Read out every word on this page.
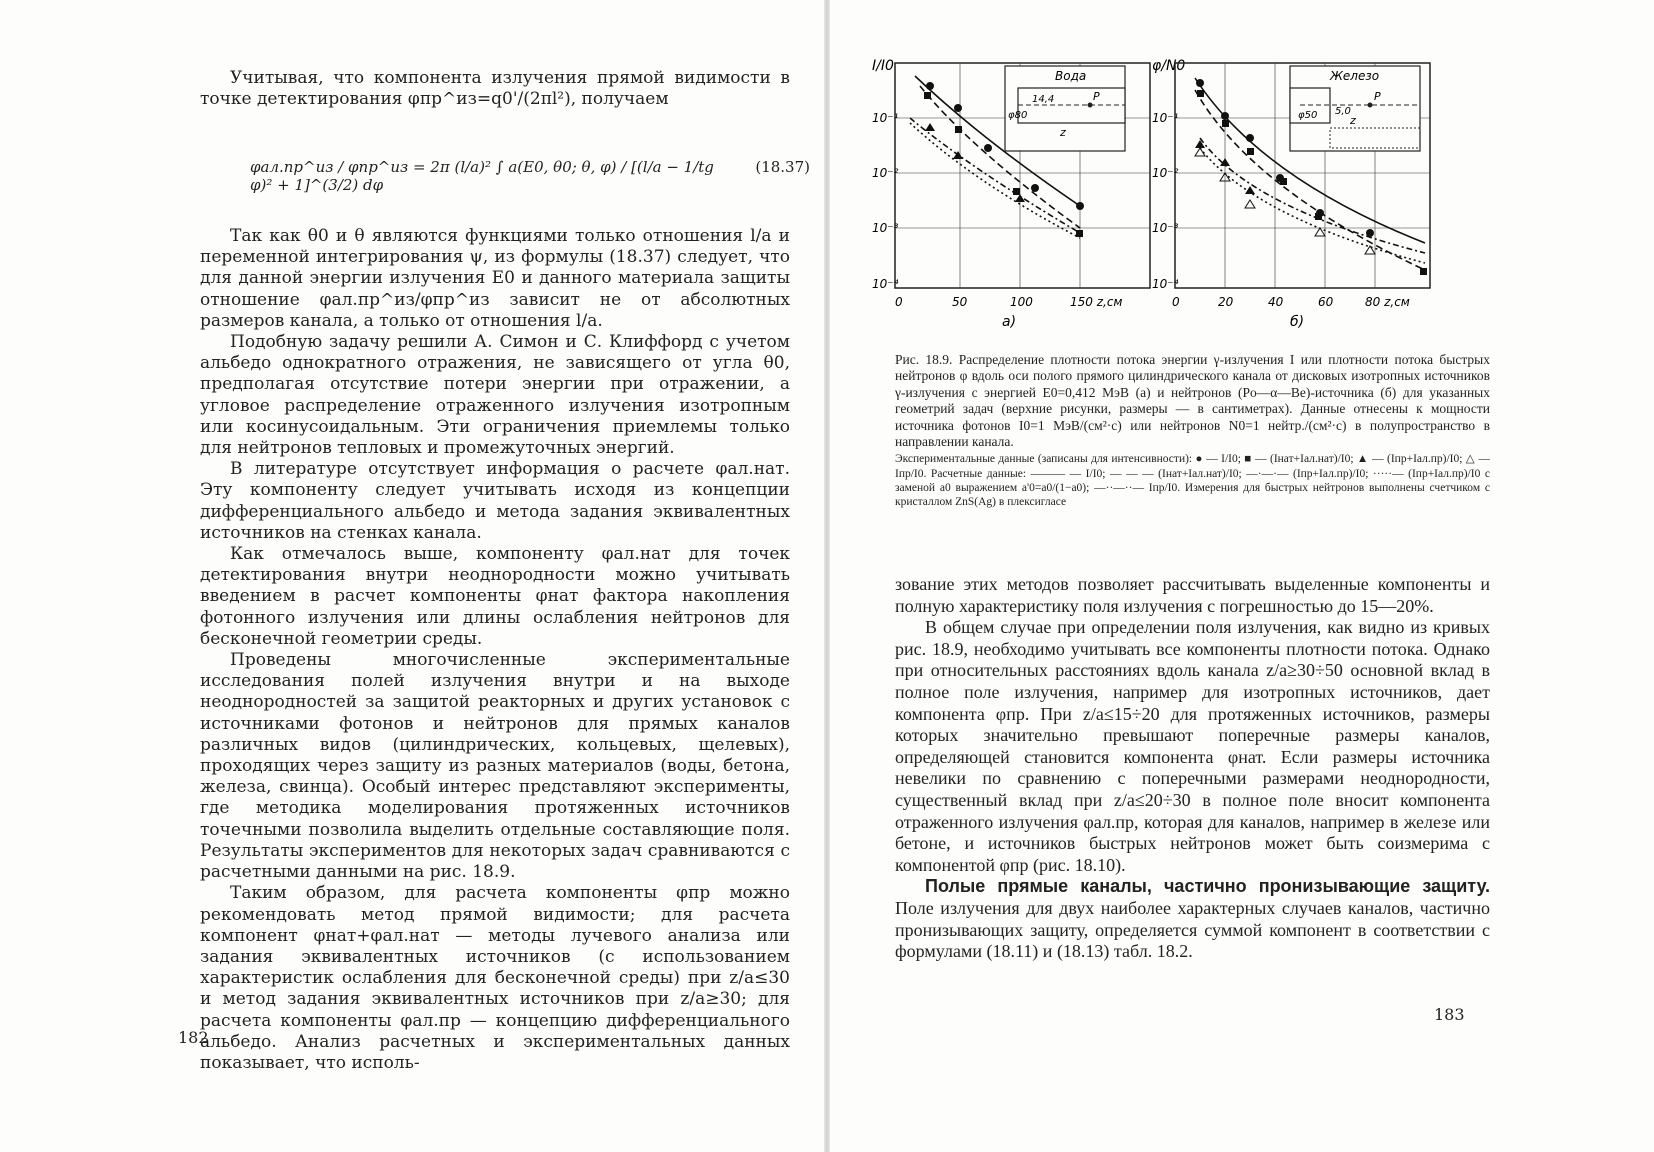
Учитывая, что компонента излучения прямой видимости в точке детектирования φпр^из=q0'/(2πl²), получаем

φал.пр^из / φпр^из = 2π (l/a)² ∫ a(E0, θ0; θ, φ) / [(l/a − 1/tg φ)² + 1]^(3/2) dφ
(18.37)

Так как θ0 и θ являются функциями только отношения l/a и переменной интегрирования ψ, из формулы (18.37) следует, что для данной энергии излучения E0 и данного материала защиты отношение φал.пр^из/φпр^из зависит не от абсолютных размеров канала, а только от отношения l/a.

Подобную задачу решили А. Симон и С. Клиффорд с учетом альбедо однократного отражения, не зависящего от угла θ0, предполагая отсутствие потери энергии при отражении, а угловое распределение отраженного излучения изотропным или косинусоидальным. Эти ограничения приемлемы только для нейтронов тепловых и промежуточных энергий.

В литературе отсутствует информация о расчете φал.нат. Эту компоненту следует учитывать исходя из концепции дифференциального альбедо и метода задания эквивалентных источников на стенках канала.

Как отмечалось выше, компоненту φал.нат для точек детектирования внутри неоднородности можно учитывать введением в расчет компоненты φнат фактора накопления фотонного излучения или длины ослабления нейтронов для бесконечной геометрии среды.

Проведены многочисленные экспериментальные исследования полей излучения внутри и на выходе неоднородностей за защитой реакторных и других установок с источниками фотонов и нейтронов для прямых каналов различных видов (цилиндрических, кольцевых, щелевых), проходящих через защиту из разных материалов (воды, бетона, железа, свинца). Особый интерес представляют эксперименты, где методика моделирования протяженных источников точечными позволила выделить отдельные составляющие поля. Результаты экспериментов для некоторых задач сравниваются с расчетными данными на рис. 18.9.

Таким образом, для расчета компоненты φпр можно рекомендовать метод прямой видимости; для расчета компонент φнат+φал.нат — методы лучевого анализа или задания эквивалентных источников (с использованием характеристик ослабления для бесконечной среды) при z/a≤30 и метод задания эквивалентных источников при z/a≥30; для расчета компоненты φал.пр — концепцию дифференциального альбедо. Анализ расчетных и экспериментальных данных показывает, что исполь-

182
I/I0
10⁻¹
10⁻²
10⁻³
10⁻⁴
0	50	100	150 z,см
а)
Вода
φ80
14,4	P
z
φ/N0
10⁻¹
10⁻²
10⁻³
10⁻⁴
0	20	40	60	80 z,см
б)
Железо
φ50 5,0
P
z

Рис. 18.9. Распределение плотности потока энергии γ-излучения I или плотности потока быстрых нейтронов φ вдоль оси полого прямого цилиндрического канала от дисковых изотропных источников γ-излучения с энергией E0=0,412 МэВ (а) и нейтронов (Po—α—Be)-источника (б) для указанных геометрий задач (верхние рисунки, размеры — в сантиметрах). Данные отнесены к мощности источника фотонов I0=1 МэВ/(см²·с) или нейтронов N0=1 нейтр./(см²·с) в полупространство в направлении канала.

Экспериментальные данные (записаны для интенсивности): ● — I/I0; ■ — (Iнат+Iал.нат)/I0; ▲ — (Iпр+Iал.пр)/I0; △ — Iпр/I0. Расчетные данные: ——— — I/I0; — — — (Iнат+Iал.нат)/I0; —·—·— (Iпр+Iал.пр)/I0; ·····— (Iпр+Iал.пр)/I0 с заменой a0 выражением a'0=a0/(1−a0); —··—··— Iпр/I0. Измерения для быстрых нейтронов выполнены счетчиком с кристаллом ZnS(Ag) в плексигласе

зование этих методов позволяет рассчитывать выделенные компоненты и полную характеристику поля излучения с погрешностью до 15—20%.

В общем случае при определении поля излучения, как видно из кривых рис. 18.9, необходимо учитывать все компоненты плотности потока. Однако при относительных расстояниях вдоль канала z/a≥30÷50 основной вклад в полное поле излучения, например для изотропных источников, дает компонента φпр. При z/a≤15÷20 для протяженных источников, размеры которых значительно превышают поперечные размеры каналов, определяющей становится компонента φнат. Если размеры источника невелики по сравнению с поперечными размерами неоднородности, существенный вклад при z/a≤20÷30 в полное поле вносит компонента отраженного излучения φал.пр, которая для каналов, например в железе или бетоне, и источников быстрых нейтронов может быть соизмерима с компонентой φпр (рис. 18.10).

Полые прямые каналы, частично пронизывающие защиту. Поле излучения для двух наиболее характерных случаев каналов, частично пронизывающих защиту, определяется суммой компонент в соответствии с формулами (18.11) и (18.13) табл. 18.2.

183
